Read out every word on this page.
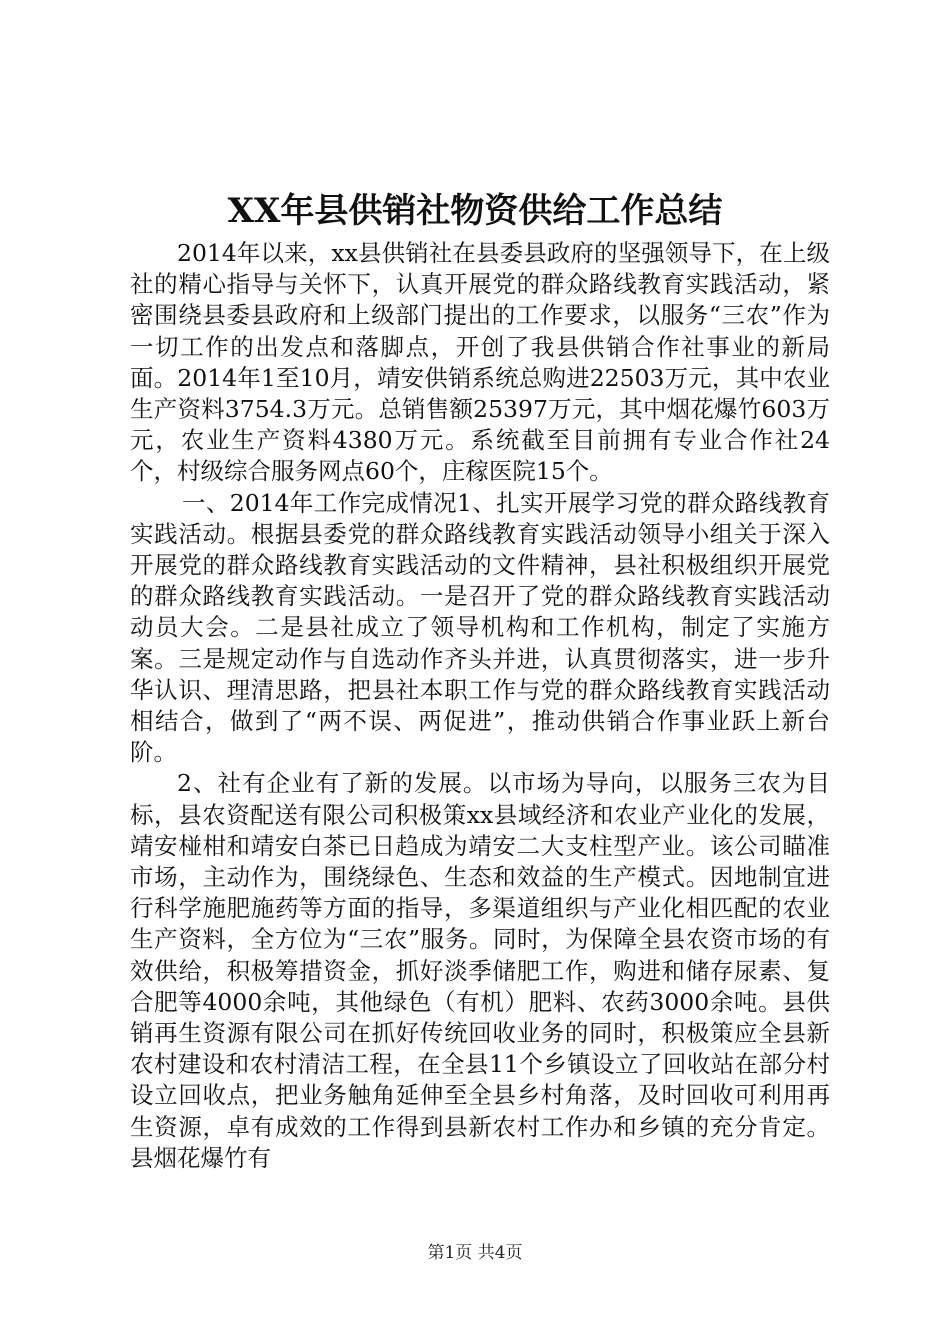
XX年县供销社物资供给工作总结

2014年以来，xx县供销社在县委县政府的坚强领导下，在上级社的精心指导与关怀下，认真开展党的群众路线教育实践活动，紧密围绕县委县政府和上级部门提出的工作要求，以服务“三农”作为一切工作的出发点和落脚点，开创了我县供销合作社事业的新局面。2014年1至10月，靖安供销系统总购进22503万元，其中农业生产资料3754.3万元。总销售额25397万元，其中烟花爆竹603万元，农业生产资料4380万元。系统截至目前拥有专业合作社24个，村级综合服务网点60个，庄稼医院15个。

一、2014年工作完成情况1、扎实开展学习党的群众路线教育实践活动。根据县委党的群众路线教育实践活动领导小组关于深入开展党的群众路线教育实践活动的文件精神，县社积极组织开展党的群众路线教育实践活动。一是召开了党的群众路线教育实践活动动员大会。二是县社成立了领导机构和工作机构，制定了实施方案。三是规定动作与自选动作齐头并进，认真贯彻落实，进一步升华认识、理清思路，把县社本职工作与党的群众路线教育实践活动相结合，做到了“两不误、两促进”，推动供销合作事业跃上新台阶。

2、社有企业有了新的发展。以市场为导向，以服务三农为目标，县农资配送有限公司积极策xx县域经济和农业产业化的发展，靖安椪柑和靖安白茶已日趋成为靖安二大支柱型产业。该公司瞄准市场，主动作为，围绕绿色、生态和效益的生产模式。因地制宜进行科学施肥施药等方面的指导，多渠道组织与产业化相匹配的农业生产资料，全方位为“三农”服务。同时，为保障全县农资市场的有效供给，积极筹措资金，抓好淡季储肥工作，购进和储存尿素、复合肥等4000余吨，其他绿色（有机）肥料、农药3000余吨。县供销再生资源有限公司在抓好传统回收业务的同时，积极策应全县新农村建设和农村清洁工程，在全县11个乡镇设立了回收站在部分村设立回收点，把业务触角延伸至全县乡村角落，及时回收可利用再生资源，卓有成效的工作得到县新农村工作办和乡镇的充分肯定。县烟花爆竹有

第1页 共4页
